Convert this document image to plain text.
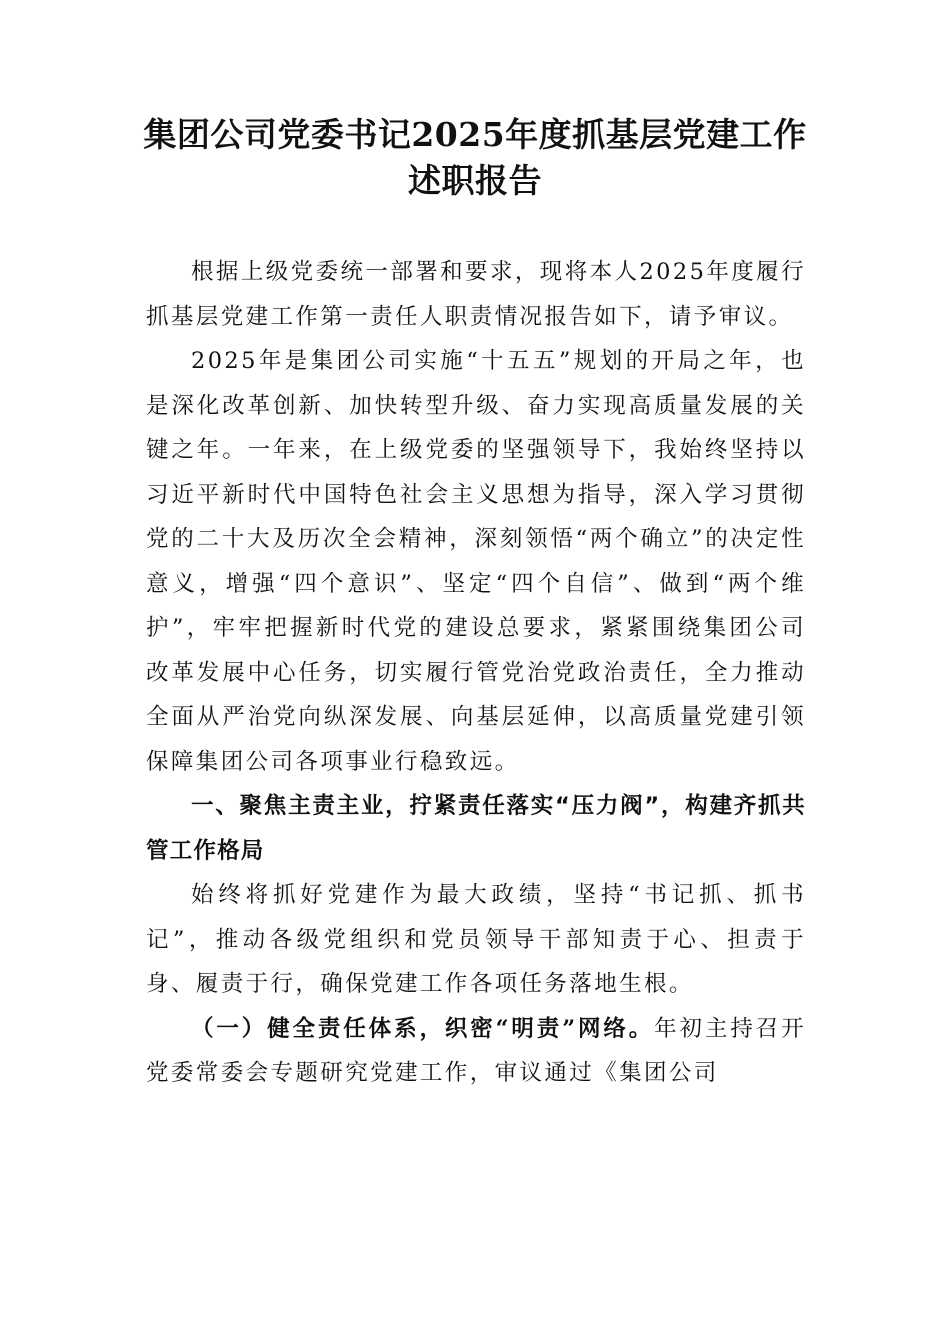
集团公司党委书记2025年度抓基层党建工作述职报告

根据上级党委统一部署和要求，现将本人2025年度履行抓基层党建工作第一责任人职责情况报告如下，请予审议。

2025年是集团公司实施“十五五”规划的开局之年，也是深化改革创新、加快转型升级、奋力实现高质量发展的关键之年。一年来，在上级党委的坚强领导下，我始终坚持以习近平新时代中国特色社会主义思想为指导，深入学习贯彻党的二十大及历次全会精神，深刻领悟“两个确立”的决定性意义，增强“四个意识”、坚定“四个自信”、做到“两个维护”，牢牢把握新时代党的建设总要求，紧紧围绕集团公司改革发展中心任务，切实履行管党治党政治责任，全力推动全面从严治党向纵深发展、向基层延伸，以高质量党建引领保障集团公司各项事业行稳致远。

一、聚焦主责主业，拧紧责任落实“压力阀”，构建齐抓共管工作格局

始终将抓好党建作为最大政绩，坚持“书记抓、抓书记”，推动各级党组织和党员领导干部知责于心、担责于身、履责于行，确保党建工作各项任务落地生根。

（一）健全责任体系，织密“明责”网络。年初主持召开党委常委会专题研究党建工作，审议通过《集团公司
